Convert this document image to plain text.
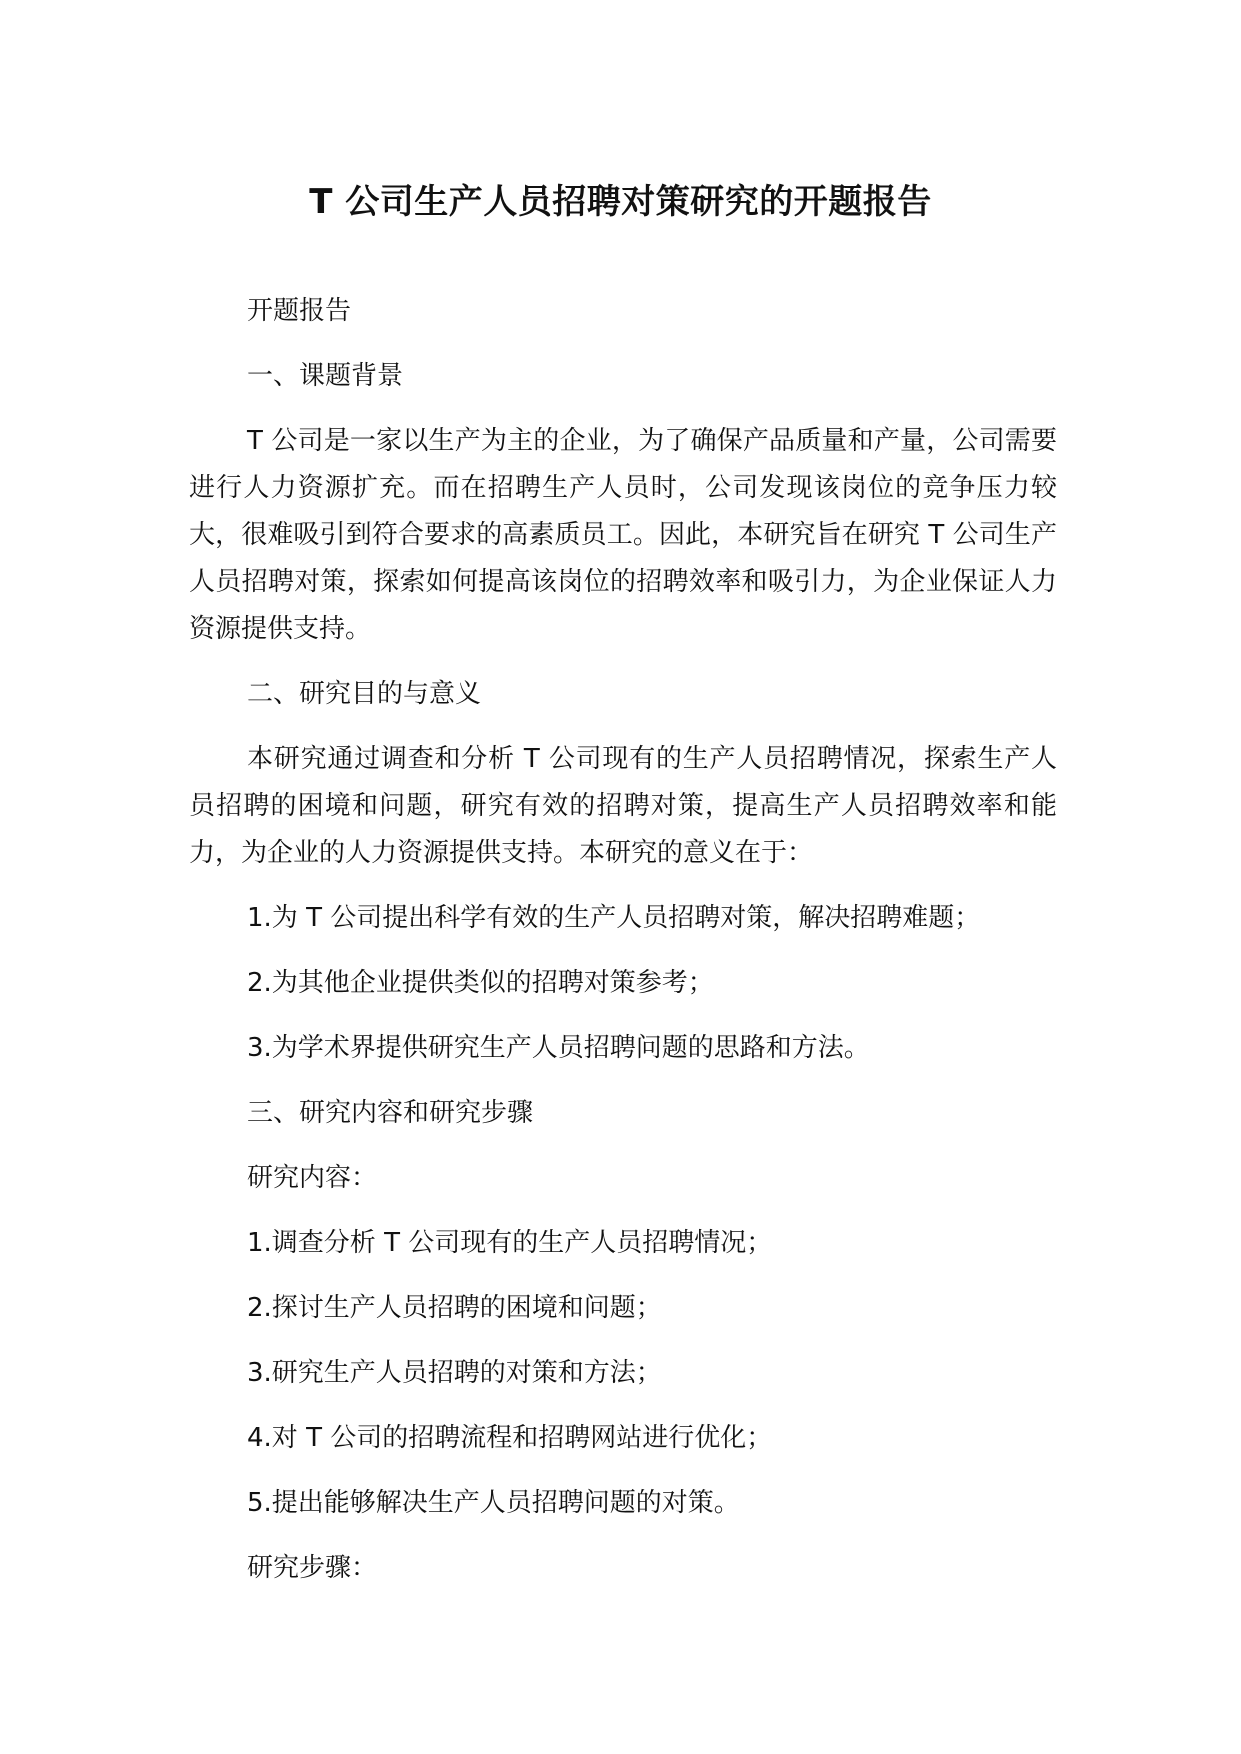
T 公司生产人员招聘对策研究的开题报告

开题报告

一、课题背景

T 公司是一家以生产为主的企业，为了确保产品质量和产量，公司需要进行人力资源扩充。而在招聘生产人员时，公司发现该岗位的竞争压力较大，很难吸引到符合要求的高素质员工。因此，本研究旨在研究 T 公司生产人员招聘对策，探索如何提高该岗位的招聘效率和吸引力，为企业保证人力资源提供支持。

二、研究目的与意义

本研究通过调查和分析 T 公司现有的生产人员招聘情况，探索生产人员招聘的困境和问题，研究有效的招聘对策，提高生产人员招聘效率和能力，为企业的人力资源提供支持。本研究的意义在于：

1.为 T 公司提出科学有效的生产人员招聘对策，解决招聘难题；

2.为其他企业提供类似的招聘对策参考；

3.为学术界提供研究生产人员招聘问题的思路和方法。

三、研究内容和研究步骤

研究内容：

1.调查分析 T 公司现有的生产人员招聘情况；

2.探讨生产人员招聘的困境和问题；

3.研究生产人员招聘的对策和方法；

4.对 T 公司的招聘流程和招聘网站进行优化；

5.提出能够解决生产人员招聘问题的对策。

研究步骤：
